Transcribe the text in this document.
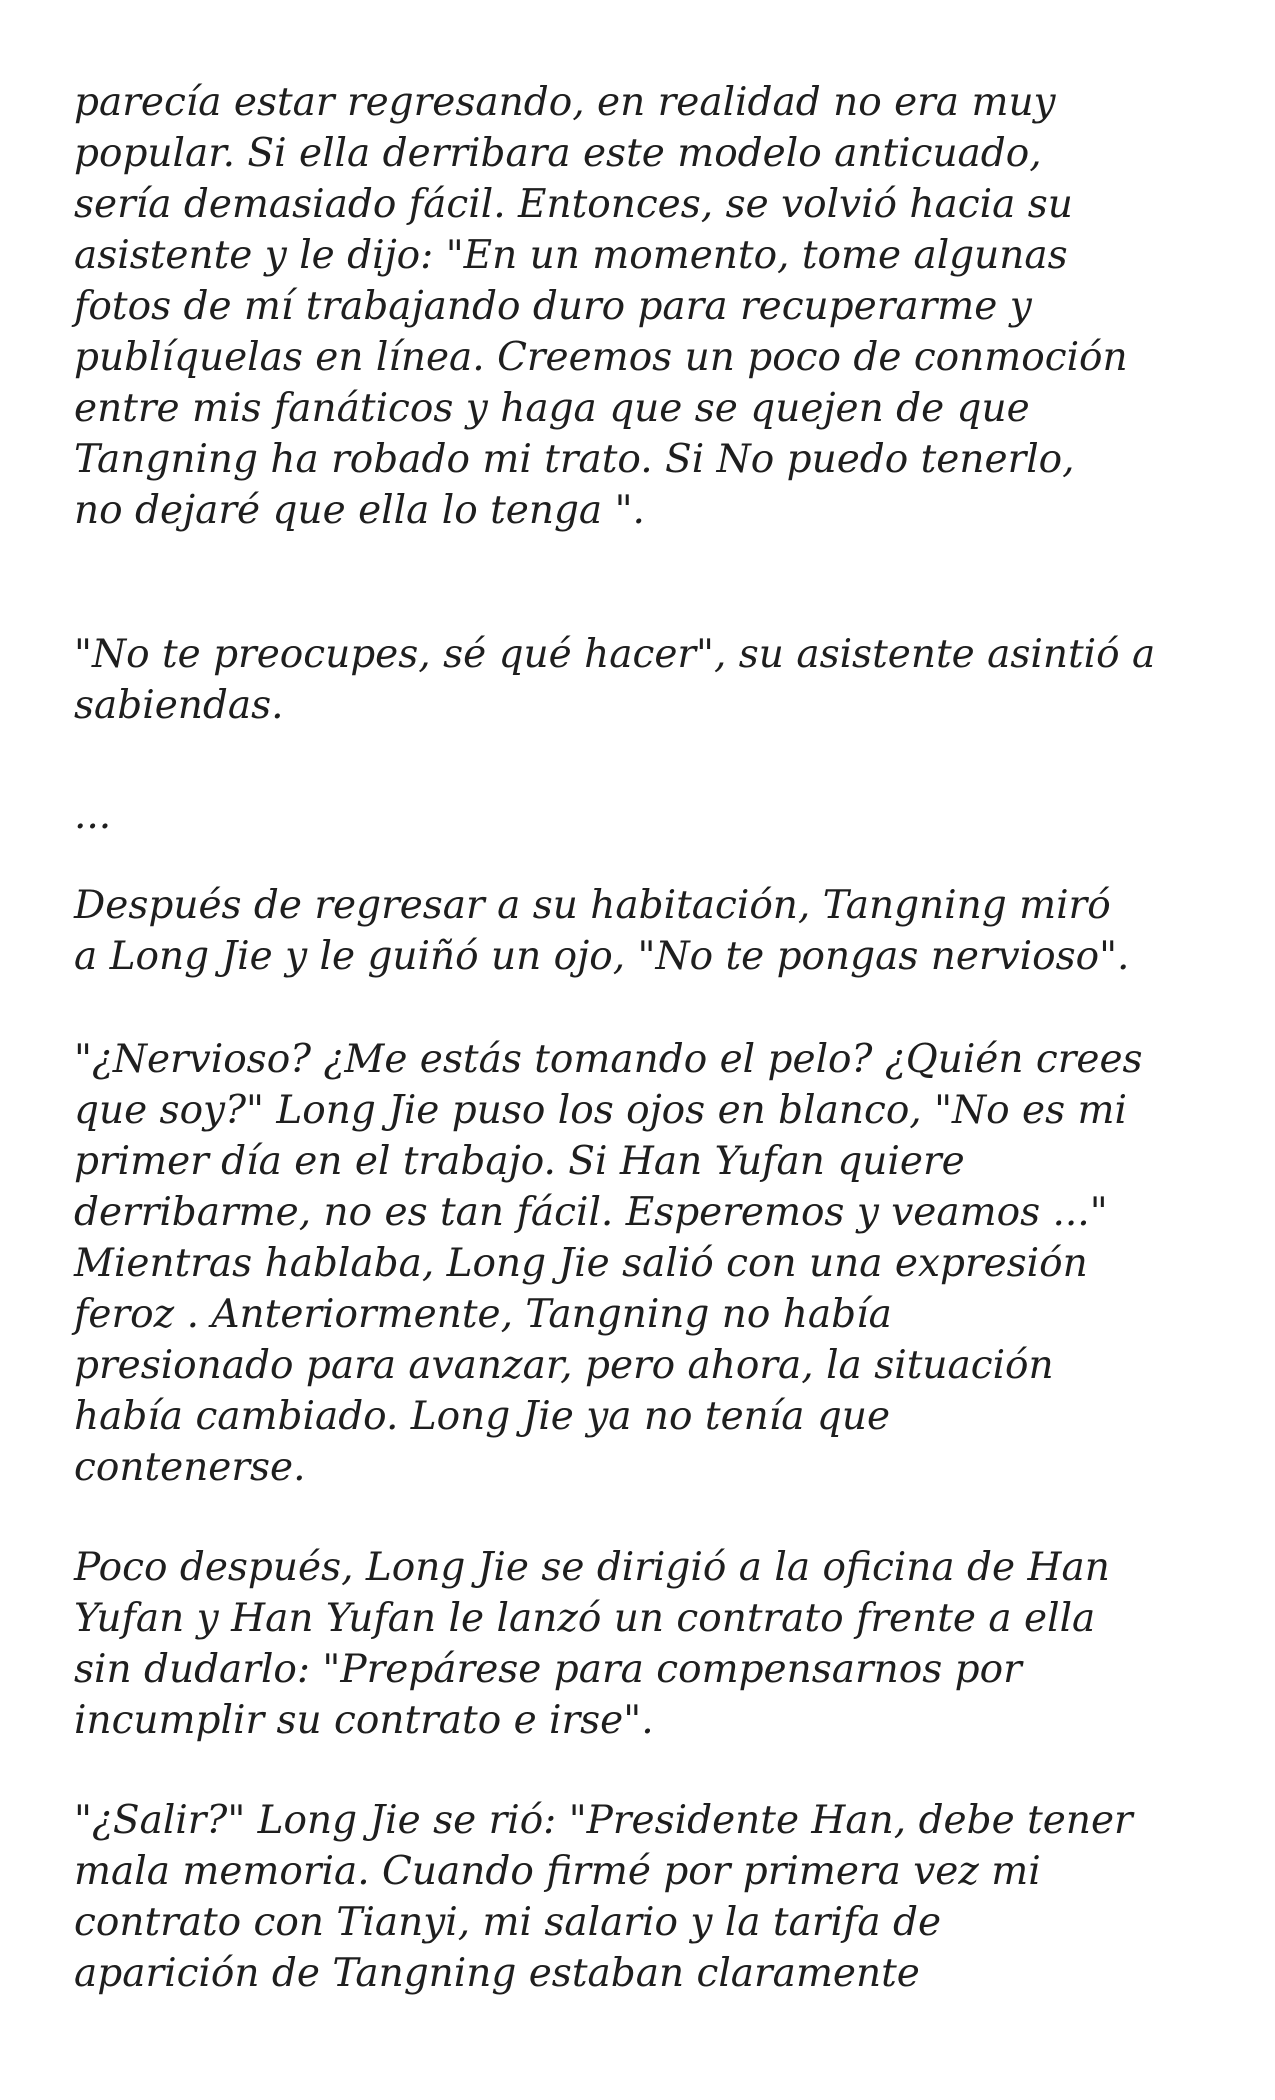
parecía estar regresando, en realidad no era muy
popular. Si ella derribara este modelo anticuado,
sería demasiado fácil. Entonces, se volvió hacia su
asistente y le dijo: "En un momento, tome algunas
fotos de mí trabajando duro para recuperarme y
publíquelas en línea. Creemos un poco de conmoción
entre mis fanáticos y haga que se quejen de que
Tangning ha robado mi trato. Si No puedo tenerlo,
no dejaré que ella lo tenga ".

"No te preocupes, sé qué hacer", su asistente asintió a
sabiendas.

...

Después de regresar a su habitación, Tangning miró
a Long Jie y le guiñó un ojo, "No te pongas nervioso".

"¿Nervioso? ¿Me estás tomando el pelo? ¿Quién crees
que soy?" Long Jie puso los ojos en blanco, "No es mi
primer día en el trabajo. Si Han Yufan quiere
derribarme, no es tan fácil. Esperemos y veamos ..."
Mientras hablaba, Long Jie salió con una expresión
feroz . Anteriormente, Tangning no había
presionado para avanzar, pero ahora, la situación
había cambiado. Long Jie ya no tenía que
contenerse.

Poco después, Long Jie se dirigió a la oficina de Han
Yufan y Han Yufan le lanzó un contrato frente a ella
sin dudarlo: "Prepárese para compensarnos por
incumplir su contrato e irse".

"¿Salir?" Long Jie se rió: "Presidente Han, debe tener
mala memoria. Cuando firmé por primera vez mi
contrato con Tianyi, mi salario y la tarifa de
aparición de Tangning estaban claramente
